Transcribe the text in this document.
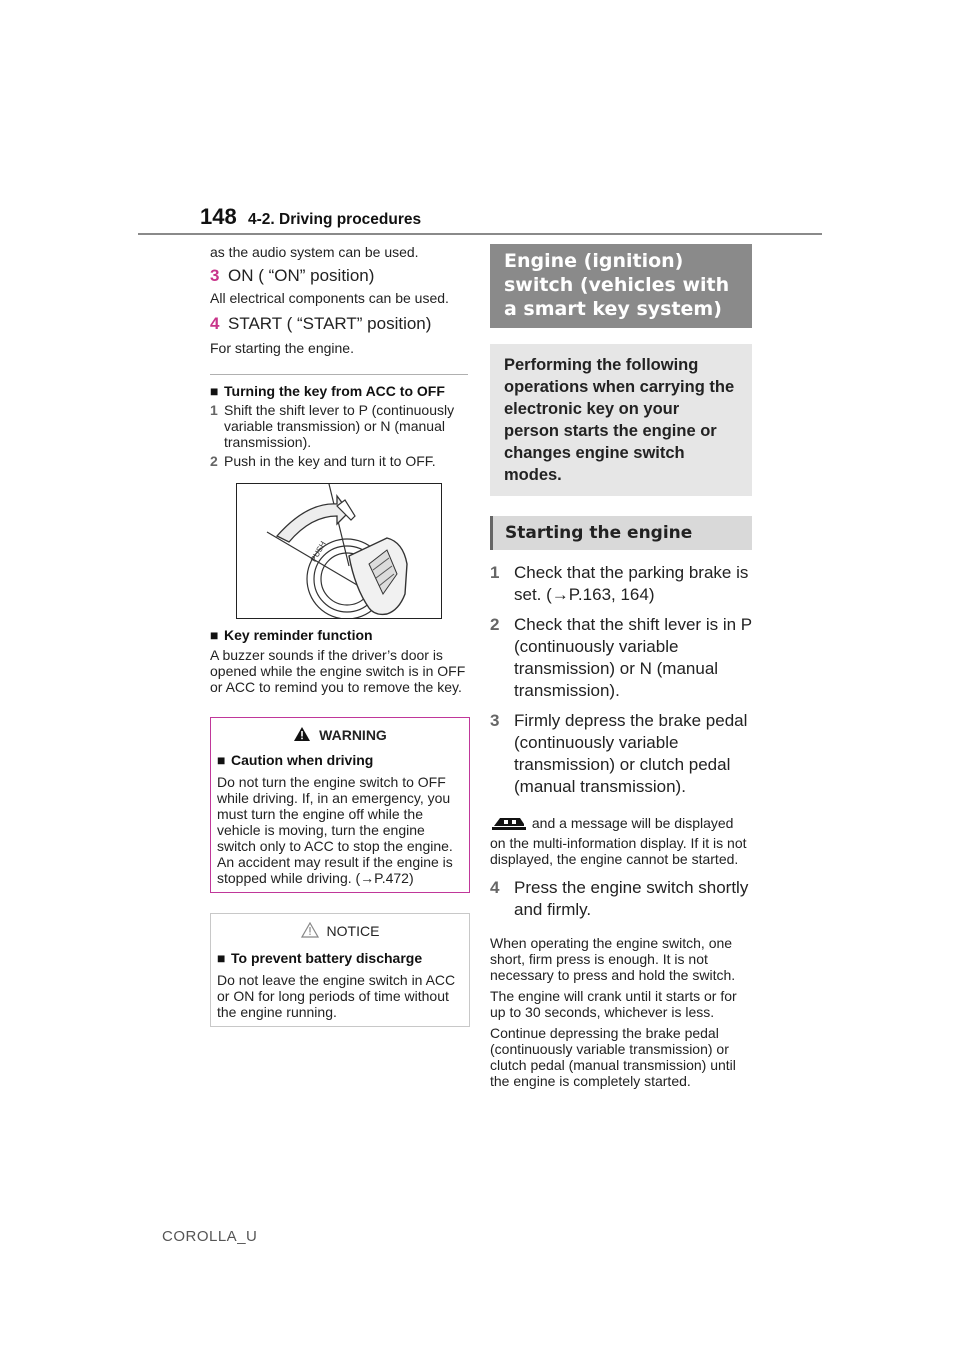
148 4-2. Driving procedures
as the audio system can be used.
3 ON ( “ON” position)
All electrical components can be used.
4 START ( “START” position)
For starting the engine.
■ Turning the key from ACC to OFF
1 Shift the shift lever to P (continuously variable transmission) or N (manual transmission).
2 Push in the key and turn it to OFF.
PUSH
■ Key reminder function
A buzzer sounds if the driver’s door is opened while the engine switch is in OFF or ACC to remind you to remove the key.
WARNING
■ Caution when driving
Do not turn the engine switch to OFF while driving. If, in an emergency, you must turn the engine off while the vehicle is moving, turn the engine switch only to ACC to stop the engine. An accident may result if the engine is stopped while driving. (→P.472)
NOTICE
■ To prevent battery discharge
Do not leave the engine switch in ACC or ON for long periods of time without the engine running.
Engine (ignition) switch (vehicles with a smart key system)
Performing the following operations when carrying the electronic key on your person starts the engine or changes engine switch modes.
Starting the engine
1 Check that the parking brake is set. (→P.163, 164)
2 Check that the shift lever is in P (continuously variable transmission) or N (manual transmission).
3 Firmly depress the brake pedal (continuously variable transmission) or clutch pedal (manual transmission).
and a message will be displayed on the multi-information display. If it is not displayed, the engine cannot be started.
4 Press the engine switch shortly and firmly.
When operating the engine switch, one short, firm press is enough. It is not necessary to press and hold the switch.
The engine will crank until it starts or for up to 30 seconds, whichever is less.
Continue depressing the brake pedal (continuously variable transmission) or clutch pedal (manual transmission) until the engine is completely started.
COROLLA_U
